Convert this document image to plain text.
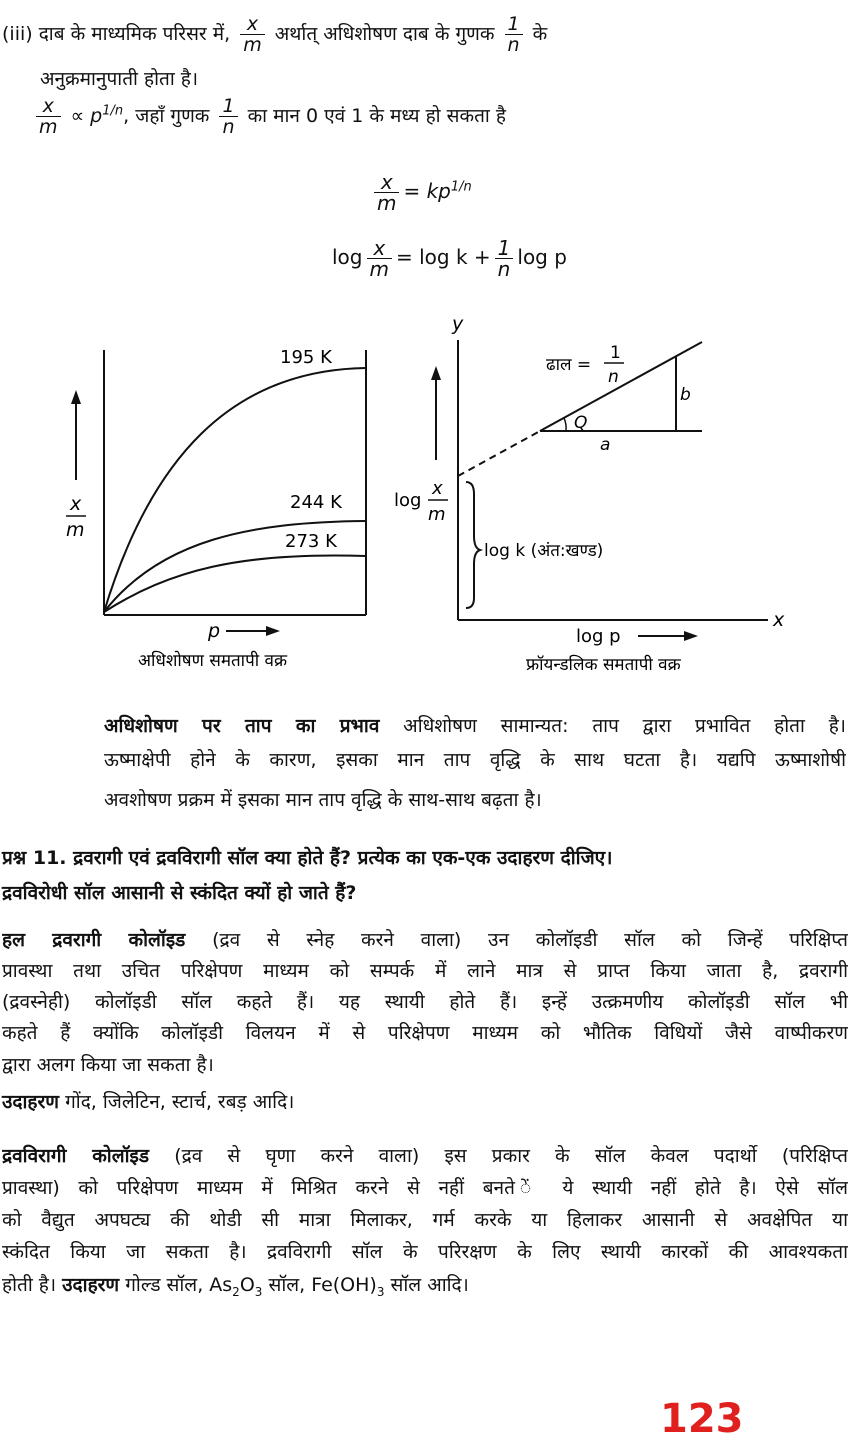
(iii) दाब के माध्यमिक परिसर में, $\frac{x}{m}$ अर्थात् अधिशोषण दाब के गुणक $\frac{1}{n}$ के
अनुक्रमानुपाती होता है।
$\frac{x}{m} \propto p^{1/n}$, जहाँ गुणक $\frac{1}{n}$ का मान 0 एवं 1 के मध्य हो सकता है
$\frac{x}{m} = kp^{1/n}$
$\log \frac{x}{m} = \log k + \frac{1}{n}$ log p
195 K
244 K
273 K
x
m
p
अधिशोषण समतापी वक्र
y
x
ढाल =
1
n
Q
b
a
log
x
m
log k (अंत:खण्ड)
log p
फ्रॉयन्डलिक समतापी वक्र
अधिशोषण पर ताप का प्रभाव अधिशोषण सामान्यत: ताप द्वारा प्रभावित होता है।
ऊष्माक्षेपी होने के कारण, इसका मान ताप वृद्धि के साथ घटता है। यद्यपि ऊष्माशोषी
अवशोषण प्रक्रम में इसका मान ताप वृद्धि के साथ-साथ बढ़ता है।
प्रश्न 11. द्रवरागी एवं द्रवविरागी सॉल क्या होते हैं? प्रत्येक का एक-एक उदाहरण दीजिए।
द्रवविरोधी सॉल आसानी से स्कंदित क्यों हो जाते हैं?
हल द्रवरागी कोलॉइड (द्रव से स्नेह करने वाला) उन कोलॉइडी सॉल को जिन्हें परिक्षिप्त
प्रावस्था तथा उचित परिक्षेपण माध्यम को सम्पर्क में लाने मात्र से प्राप्त किया जाता है, द्रवरागी
(द्रवस्नेही) कोलॉइडी सॉल कहते हैं। यह स्थायी होते हैं। इन्हें उत्क्रमणीय कोलॉइडी सॉल भी
कहते हैं क्योंकि कोलॉइडी विलयन में से परिक्षेपण माध्यम को भौतिक विधियों जैसे वाष्पीकरण
द्वारा अलग किया जा सकता है।
उदाहरण गोंद, जिलेटिन, स्टार्च, रबड़ आदि।
द्रवविरागी कोलॉइड (द्रव से घृणा करने वाला) इस प्रकार के सॉल केवल पदार्थो (परिक्षिप्त
प्रावस्था) को परिक्षेपण माध्यम में मिश्रित करने से नहीं बनते ें ये स्थायी नहीं होते है। ऐसे सॉल
को वैद्युत अपघट्य की थोडी सी मात्रा मिलाकर, गर्म करके या हिलाकर आसानी से अवक्षेपित या
स्कंदित किया जा सकता है। द्रवविरागी सॉल के परिरक्षण के लिए स्थायी कारकों की आवश्यकता
होती है। उदाहरण गोल्ड सॉल, $As_2O_3$ सॉल, $Fe(OH)_3$ सॉल आदि।
123
